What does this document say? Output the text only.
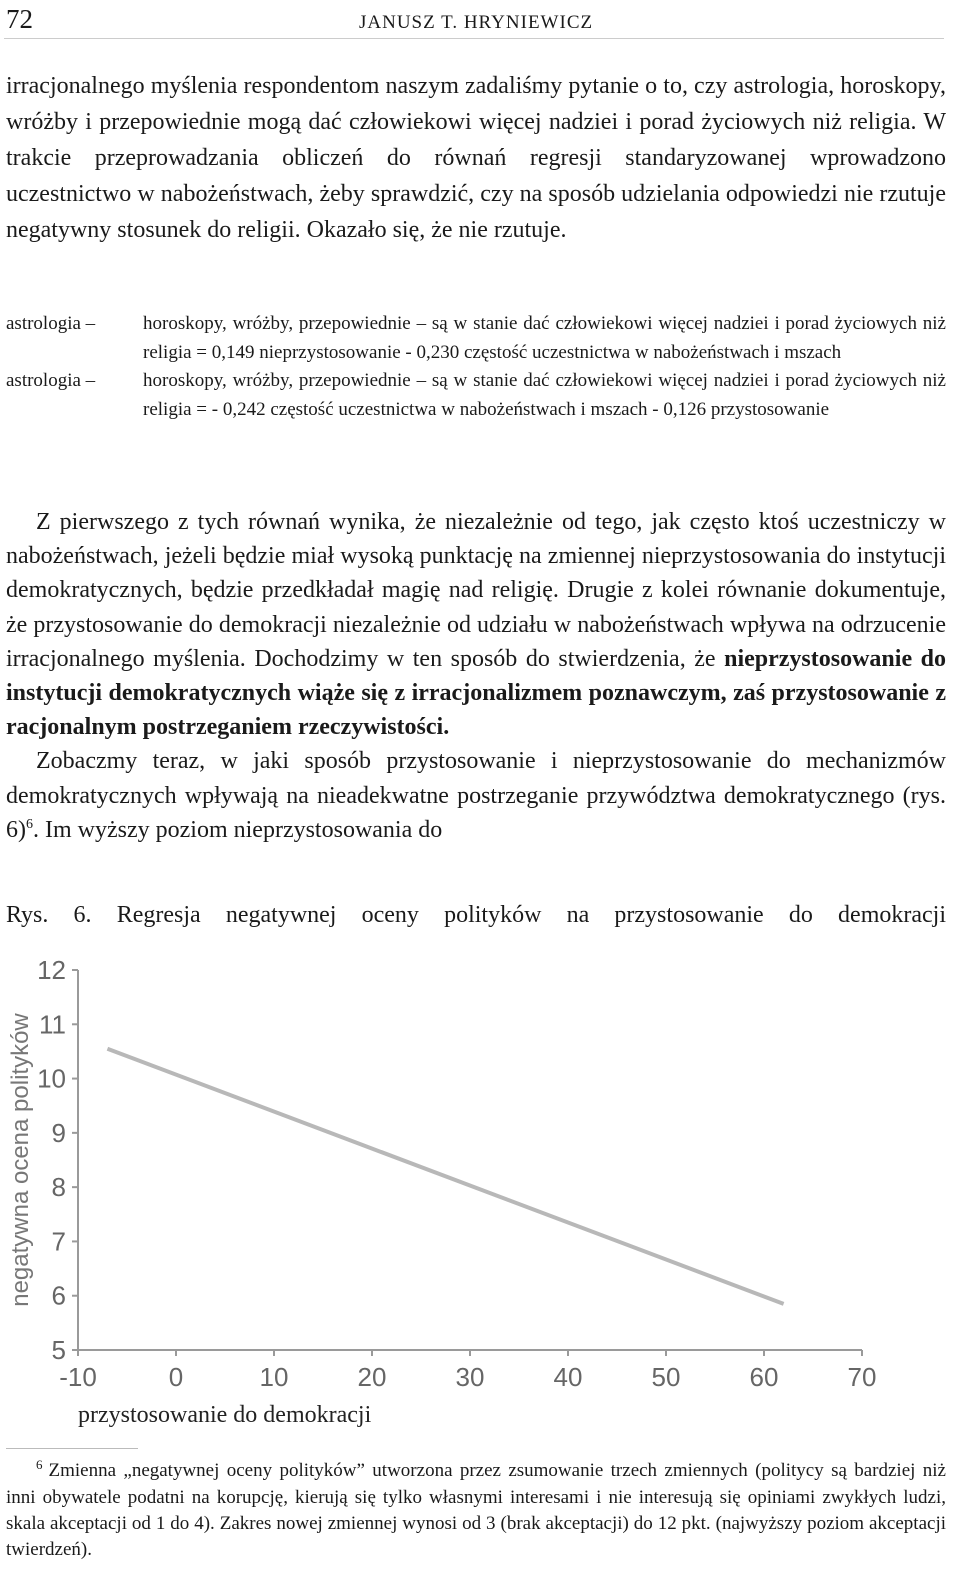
72	JANUSZ T. HRYNIEWICZ
irracjonalnego myślenia respondentom naszym zadaliśmy pytanie o to, czy astrologia, horoskopy, wróżby i przepowiednie mogą dać człowiekowi więcej nadziei i porad życiowych niż religia. W trakcie przeprowadzania obliczeń do równań regresji standaryzowanej wprowadzono uczestnictwo w nabożeństwach, żeby sprawdzić, czy na sposób udzielania odpowiedzi nie rzutuje negatywny stosunek do religii. Okazało się, że nie rzutuje.
astrologia –	horoskopy, wróżby, przepowiednie – są w stanie dać człowiekowi więcej nadziei i porad życiowych niż religia = 0,149 nieprzystosowanie - 0,230 częstość uczestnictwa w nabożeństwach i mszach
astrologia –	horoskopy, wróżby, przepowiednie – są w stanie dać człowiekowi więcej nadziei i porad życiowych niż religia = - 0,242 częstość uczestnictwa w nabożeństwach i mszach - 0,126 przystosowanie
Z pierwszego z tych równań wynika, że niezależnie od tego, jak często ktoś uczestniczy w nabożeństwach, jeżeli będzie miał wysoką punktację na zmiennej nieprzystosowania do instytucji demokratycznych, będzie przedkładał magię nad religię. Drugie z kolei równanie dokumentuje, że przystosowanie do demokracji niezależnie od udziału w nabożeństwach wpływa na odrzucenie irracjonalnego myślenia. Dochodzimy w ten sposób do stwierdzenia, że nieprzystosowanie do instytucji demokratycznych wiąże się z irracjonalizmem poznawczym, zaś przystosowanie z racjonalnym postrzeganiem rzeczywistości.
Zobaczmy teraz, w jaki sposób przystosowanie i nieprzystosowanie do mechanizmów demokratycznych wpływają na nieadekwatne postrzeganie przywództwa demokratycznego (rys. 6)$^6$. Im wyższy poziom nieprzystosowania do
Rys. 6. Regresja negatywnej oceny polityków na przystosowanie do demokracji
5
6
7
8
9
10
11
12
-10	0	10	20	30	40	50	60	70
negatywna ocena polityków
przystosowanie do demokracji
$^6$ Zmienna „negatywnej oceny polityków” utworzona przez zsumowanie trzech zmiennych (politycy są bardziej niż inni obywatele podatni na korupcję, kierują się tylko własnymi interesami i nie interesują się opiniami zwykłych ludzi, skala akceptacji od 1 do 4). Zakres nowej zmiennej wynosi od 3 (brak akceptacji) do 12 pkt. (najwyższy poziom akceptacji twierdzeń).
